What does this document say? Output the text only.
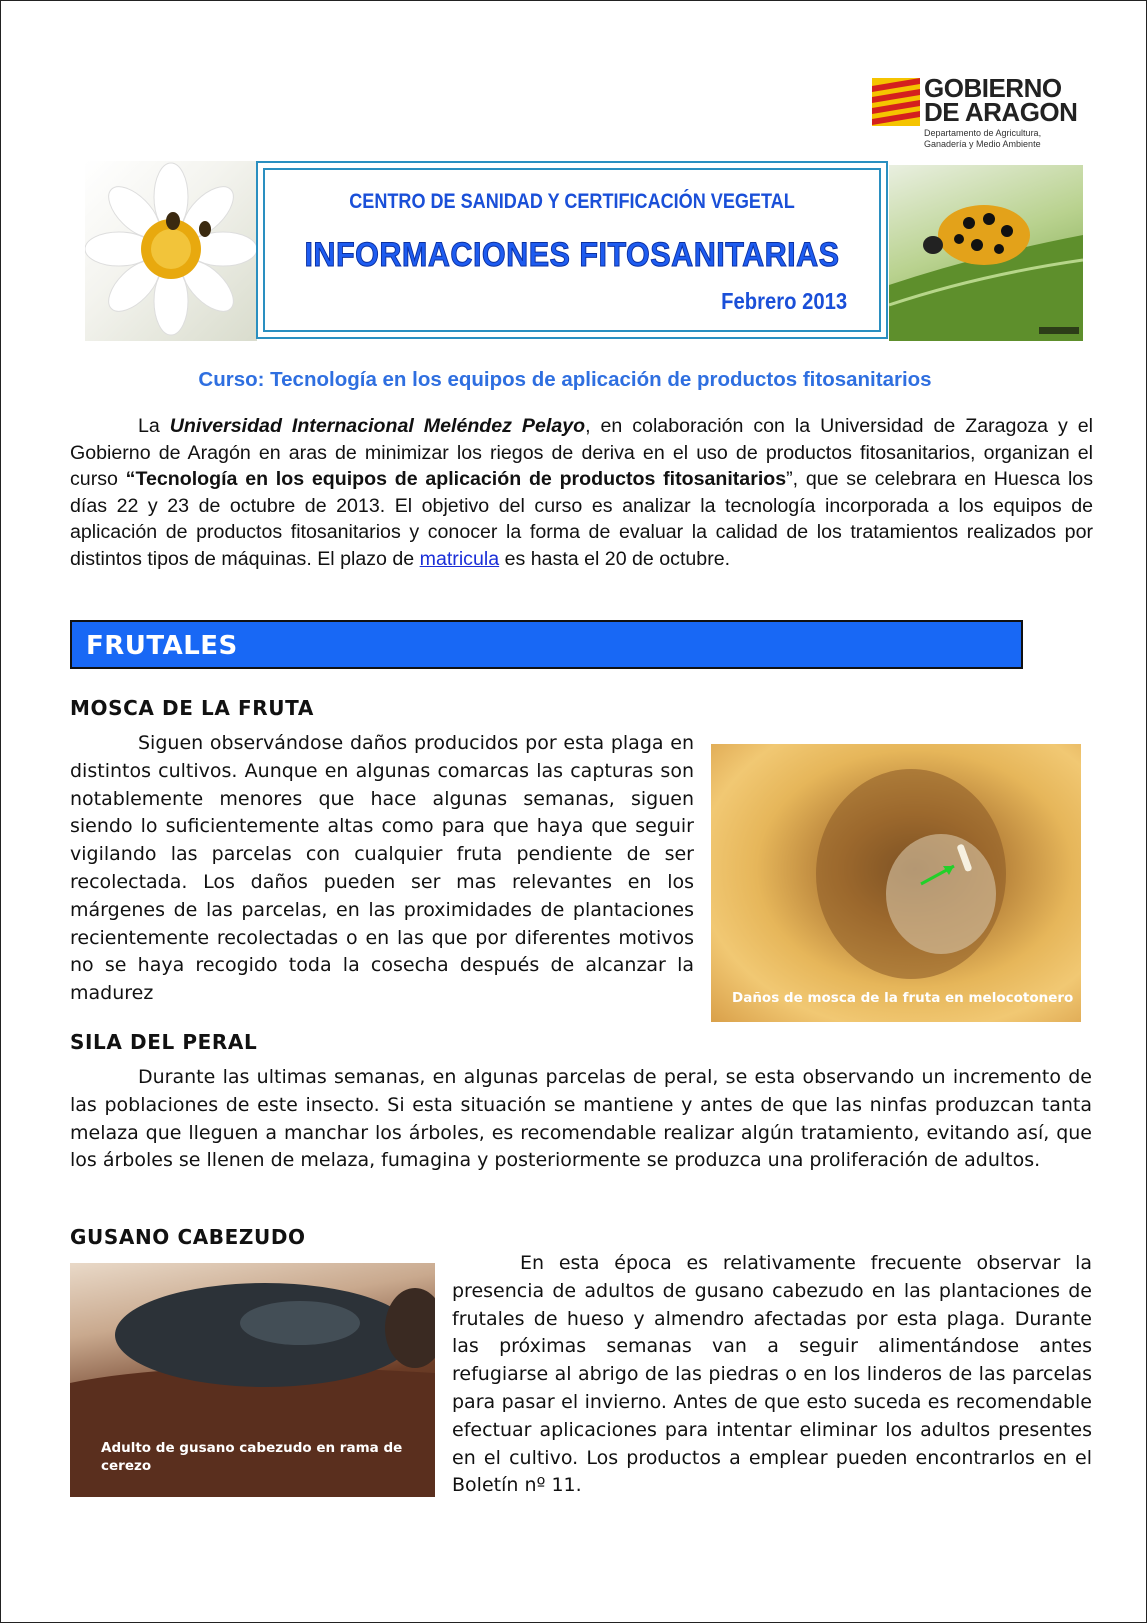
GOBIERNO
DE ARAGON
Departamento de Agricultura,
Ganadería y Medio Ambiente
CENTRO DE SANIDAD Y CERTIFICACIÓN VEGETAL
INFORMACIONES FITOSANITARIAS
Febrero 2013
Curso: Tecnología en los equipos de aplicación de productos fitosanitarios
La Universidad Internacional Meléndez Pelayo, en colaboración con la Universidad de Zaragoza y el Gobierno de Aragón en aras de minimizar los riegos de deriva en el uso de productos fitosanitarios, organizan el curso “Tecnología en los equipos de aplicación de productos fitosanitarios”, que se celebrara en Huesca los días 22 y 23 de octubre de 2013. El objetivo del curso es analizar la tecnología incorporada a los equipos de aplicación de productos fitosanitarios y conocer la forma de evaluar la calidad de los tratamientos realizados por distintos tipos de máquinas. El plazo de matricula es hasta el 20 de octubre.
FRUTALES
MOSCA DE LA FRUTA
Siguen observándose daños producidos por esta plaga en distintos cultivos. Aunque en algunas comarcas las capturas son notablemente menores que hace algunas semanas, siguen siendo lo suficientemente altas como para que haya que seguir vigilando las parcelas con cualquier fruta pendiente de ser recolectada. Los daños pueden ser mas relevantes en los márgenes de las parcelas, en las proximidades de plantaciones recientemente recolectadas o en las que por diferentes motivos no se haya recogido toda la cosecha después de alcanzar la madurez	Daños de mosca de la fruta en melocotonero
SILA DEL PERAL
Durante las ultimas semanas, en algunas parcelas de peral, se esta observando un incremento de las poblaciones de este insecto. Si esta situación se mantiene y antes de que las ninfas produzcan tanta melaza que lleguen a manchar los árboles, es recomendable realizar algún tratamiento, evitando así, que los árboles se llenen de melaza, fumagina y posteriormente se produzca una proliferación de adultos.
GUSANO CABEZUDO
Adulto de gusano cabezudo en rama de cerezo
En esta época es relativamente frecuente observar la presencia de adultos de gusano cabezudo en las plantaciones de frutales de hueso y almendro afectadas por esta plaga. Durante las próximas semanas van a seguir alimentándose antes refugiarse al abrigo de las piedras o en los linderos de las parcelas para pasar el invierno. Antes de que esto suceda es recomendable efectuar aplicaciones para intentar eliminar los adultos presentes en el cultivo. Los productos a emplear pueden encontrarlos en el Boletín nº 11.
